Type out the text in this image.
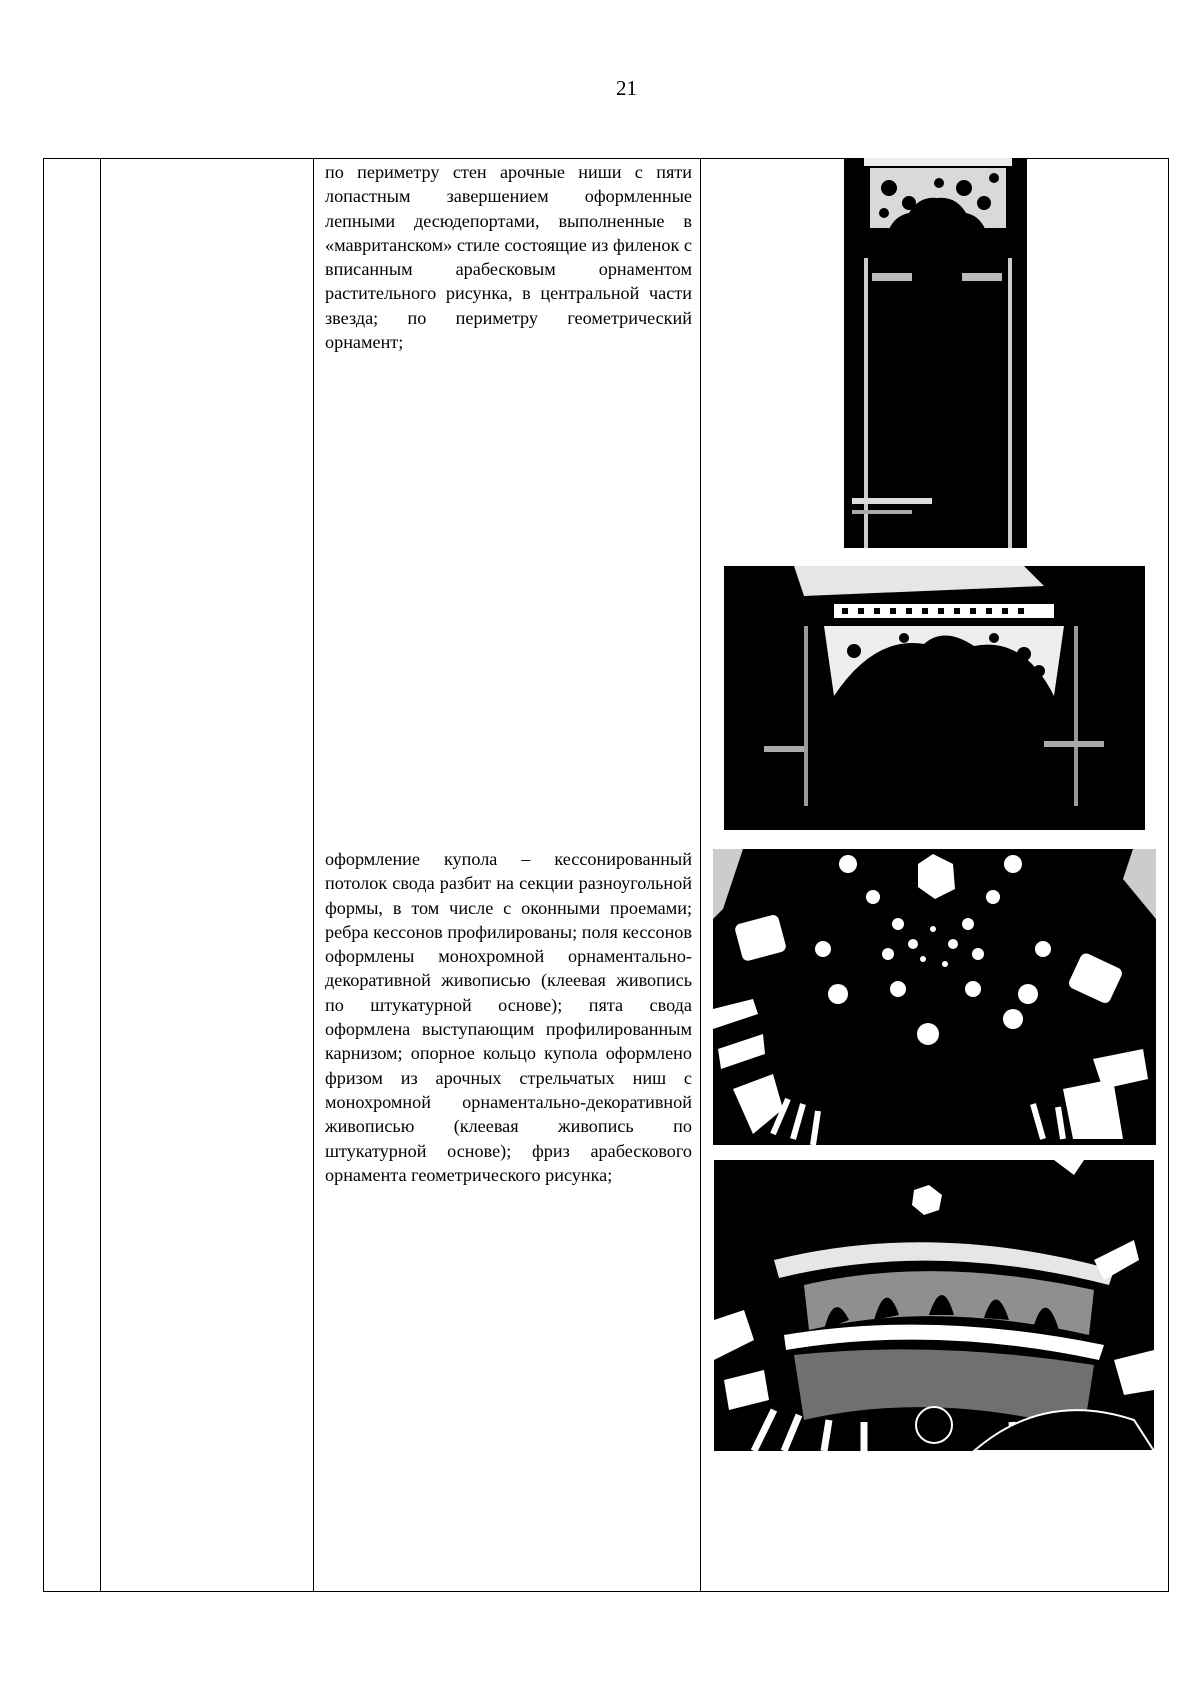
21

по периметру стен арочные ниши с пяти лопастным завершением оформленные лепными десюдепортами, выполненные в «мавританском» стиле состоящие из филенок с вписанным арабесковым орнаментом растительного рисунка, в центральной части звезда; по периметру геометрический орнамент;

оформление купола – кессонированный потолок свода разбит на секции разноугольной формы, в том числе с оконными проемами; ребра кессонов профилированы; поля кессонов оформлены монохромной орнаментально-декоративной живописью (клеевая живопись по штукатурной основе); пята свода оформлена выступающим профилированным карнизом; опорное кольцо купола оформлено фризом из арочных стрельчатых ниш с монохромной орнаментально-декоративной живописью (клеевая живопись по штукатурной основе); фриз арабескового орнамента геометрического рисунка;
